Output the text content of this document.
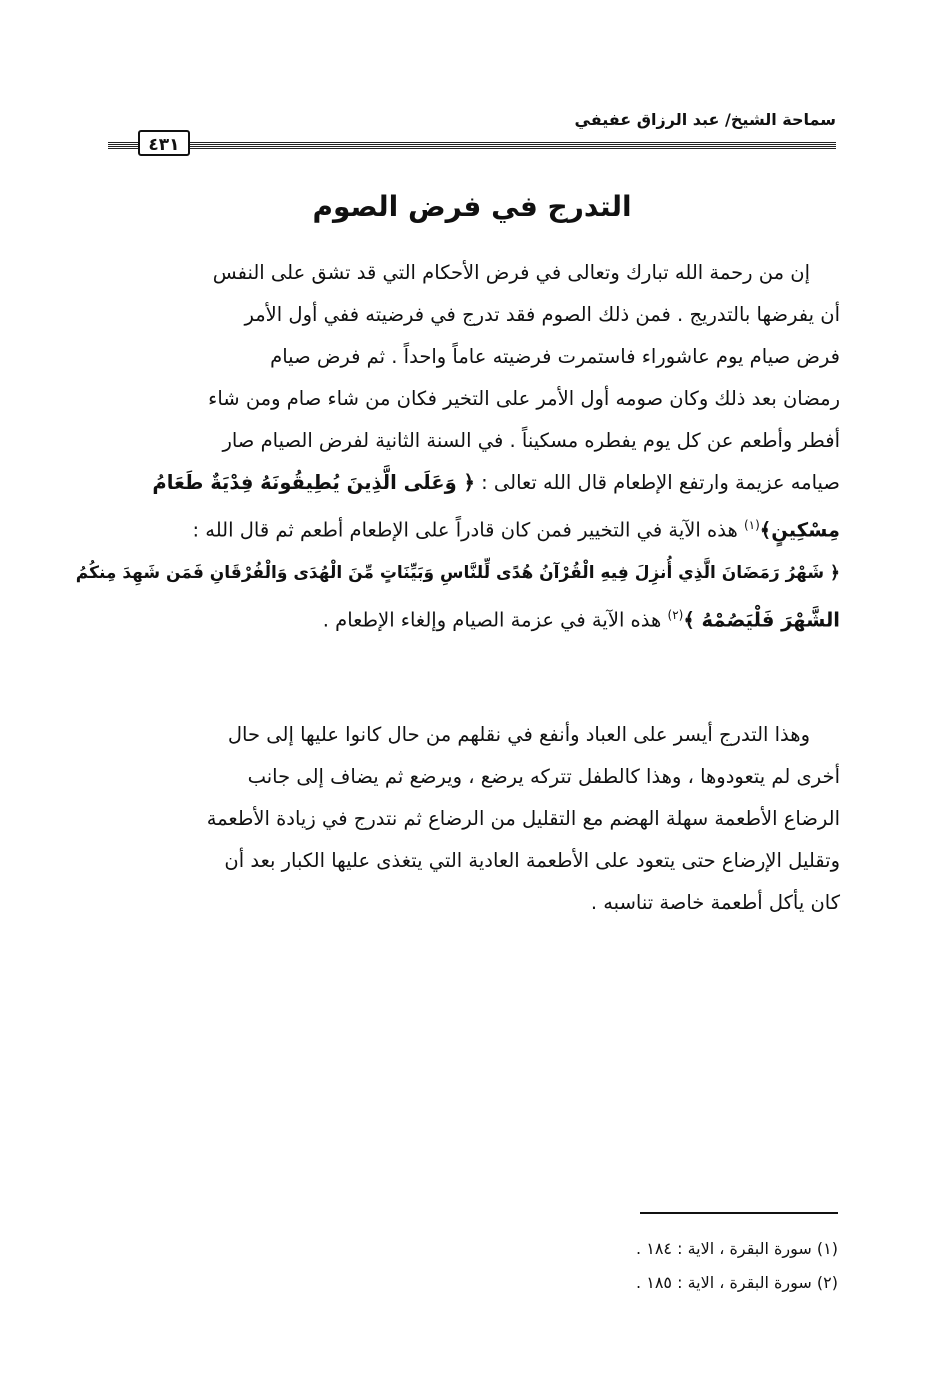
سماحة الشيخ/ عبد الرزاق عفيفي
٤٣١
التدرج في فرض الصوم
إن من رحمة الله تبارك وتعالى في فرض الأحكام التي قد تشق على النفس
أن يفرضها بالتدريج . فمن ذلك الصوم فقد تدرج في فرضيته ففي أول الأمر
فرض صيام يوم عاشوراء فاستمرت فرضيته عاماً واحداً . ثم فرض صيام
رمضان بعد ذلك وكان صومه أول الأمر على التخير فكان من شاء صام ومن شاء
أفطر وأطعم عن كل يوم يفطره مسكيناً . في السنة الثانية لفرض الصيام صار
صيامه عزيمة وارتفع الإطعام قال الله تعالى : ﴿ وَعَلَى الَّذِينَ يُطِيقُونَهُ فِدْيَةٌ طَعَامُ
مِسْكِينٍ﴾$^{(١)}$ هذه الآية في التخيير فمن كان قادراً على الإطعام أطعم ثم قال الله :
﴿ شَهْرُ رَمَضَانَ الَّذِي أُنزِلَ فِيهِ الْقُرْآنُ هُدًى لِّلنَّاسِ وَبَيِّنَاتٍ مِّنَ الْهُدَى وَالْفُرْقَانِ فَمَن شَهِدَ مِنكُمُ
الشَّهْرَ فَلْيَصُمْهُ ﴾$^{(٢)}$ هذه الآية في عزمة الصيام وإلغاء الإطعام .
وهذا التدرج أيسر على العباد وأنفع في نقلهم من حال كانوا عليها إلى حال
أخرى لم يتعودوها ، وهذا كالطفل تتركه يرضع ، ويرضع ثم يضاف إلى جانب
الرضاع الأطعمة سهلة الهضم مع التقليل من الرضاع ثم نتدرج في زيادة الأطعمة
وتقليل الإرضاع حتى يتعود على الأطعمة العادية التي يتغذى عليها الكبار بعد أن
كان يأكل أطعمة خاصة تناسبه .
(١) سورة البقرة ، الاية : ١٨٤ .
(٢) سورة البقرة ، الاية : ١٨٥ .
